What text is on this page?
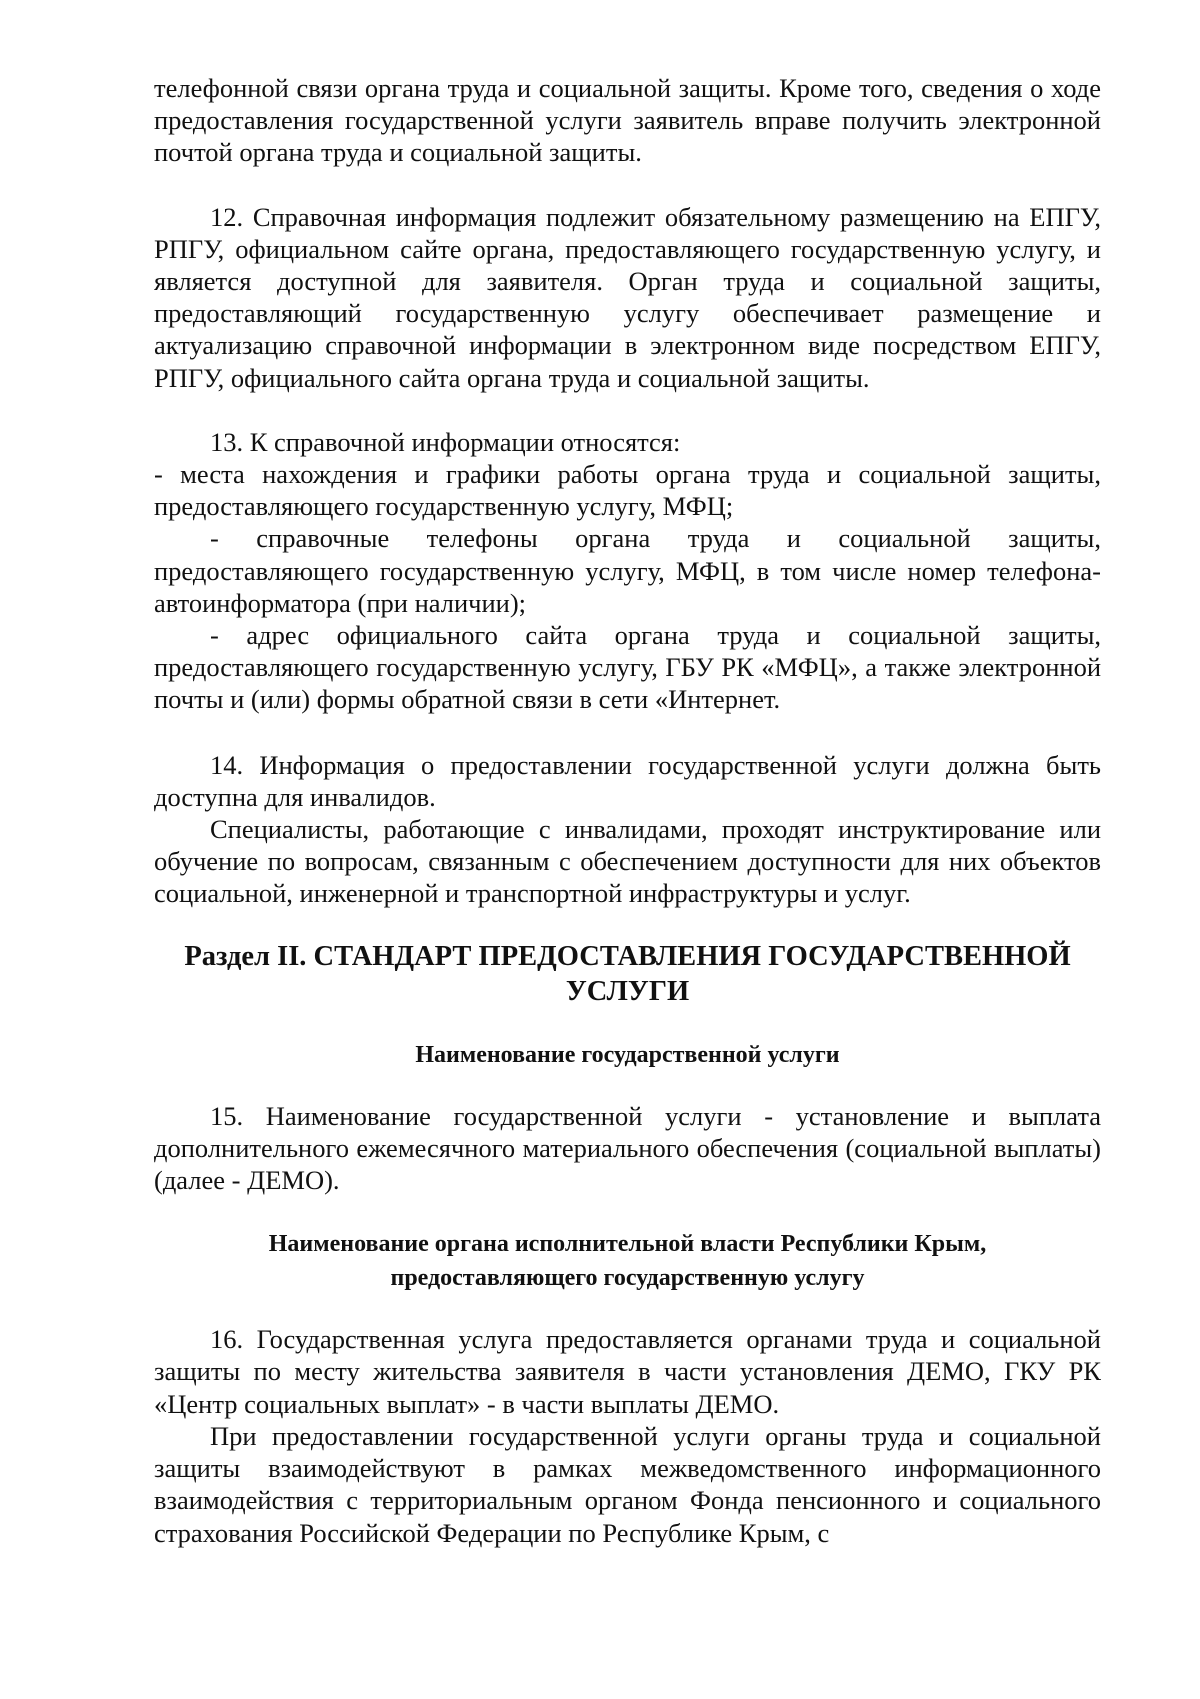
телефонной связи органа труда и социальной защиты. Кроме того, сведения о ходе предоставления государственной услуги заявитель вправе получить электронной почтой органа труда и социальной защиты.

12. Справочная информация подлежит обязательному размещению на ЕПГУ, РПГУ, официальном сайте органа, предоставляющего государственную услугу, и является доступной для заявителя. Орган труда и социальной защиты, предоставляющий государственную услугу обеспечивает размещение и актуализацию справочной информации в электронном виде посредством ЕПГУ, РПГУ, официального сайта органа труда и социальной защиты.

13. К справочной информации относятся:

- места нахождения и графики работы органа труда и социальной защиты, предоставляющего государственную услугу, МФЦ;

- справочные телефоны органа труда и социальной защиты, предоставляющего государственную услугу, МФЦ, в том числе номер телефона-автоинформатора (при наличии);

- адрес официального сайта органа труда и социальной защиты, предоставляющего государственную услугу, ГБУ РК «МФЦ», а также электронной почты и (или) формы обратной связи в сети «Интернет.

14. Информация о предоставлении государственной услуги должна быть доступна для инвалидов.

Специалисты, работающие с инвалидами, проходят инструктирование или обучение по вопросам, связанным с обеспечением доступности для них объектов социальной, инженерной и транспортной инфраструктуры и услуг.

Раздел II. СТАНДАРТ ПРЕДОСТАВЛЕНИЯ ГОСУДАРСТВЕННОЙ
УСЛУГИ
Наименование государственной услуги

15. Наименование государственной услуги - установление и выплата дополнительного ежемесячного материального обеспечения (социальной выплаты) (далее - ДЕМО).

Наименование органа исполнительной власти Республики Крым,
предоставляющего государственную услугу

16. Государственная услуга предоставляется органами труда и социальной защиты по месту жительства заявителя в части установления ДЕМО, ГКУ РК «Центр социальных выплат» - в части выплаты ДЕМО.

При предоставлении государственной услуги органы труда и социальной защиты взаимодействуют в рамках межведомственного информационного взаимодействия с территориальным органом Фонда пенсионного и социального страхования Российской Федерации по Республике Крым, с
